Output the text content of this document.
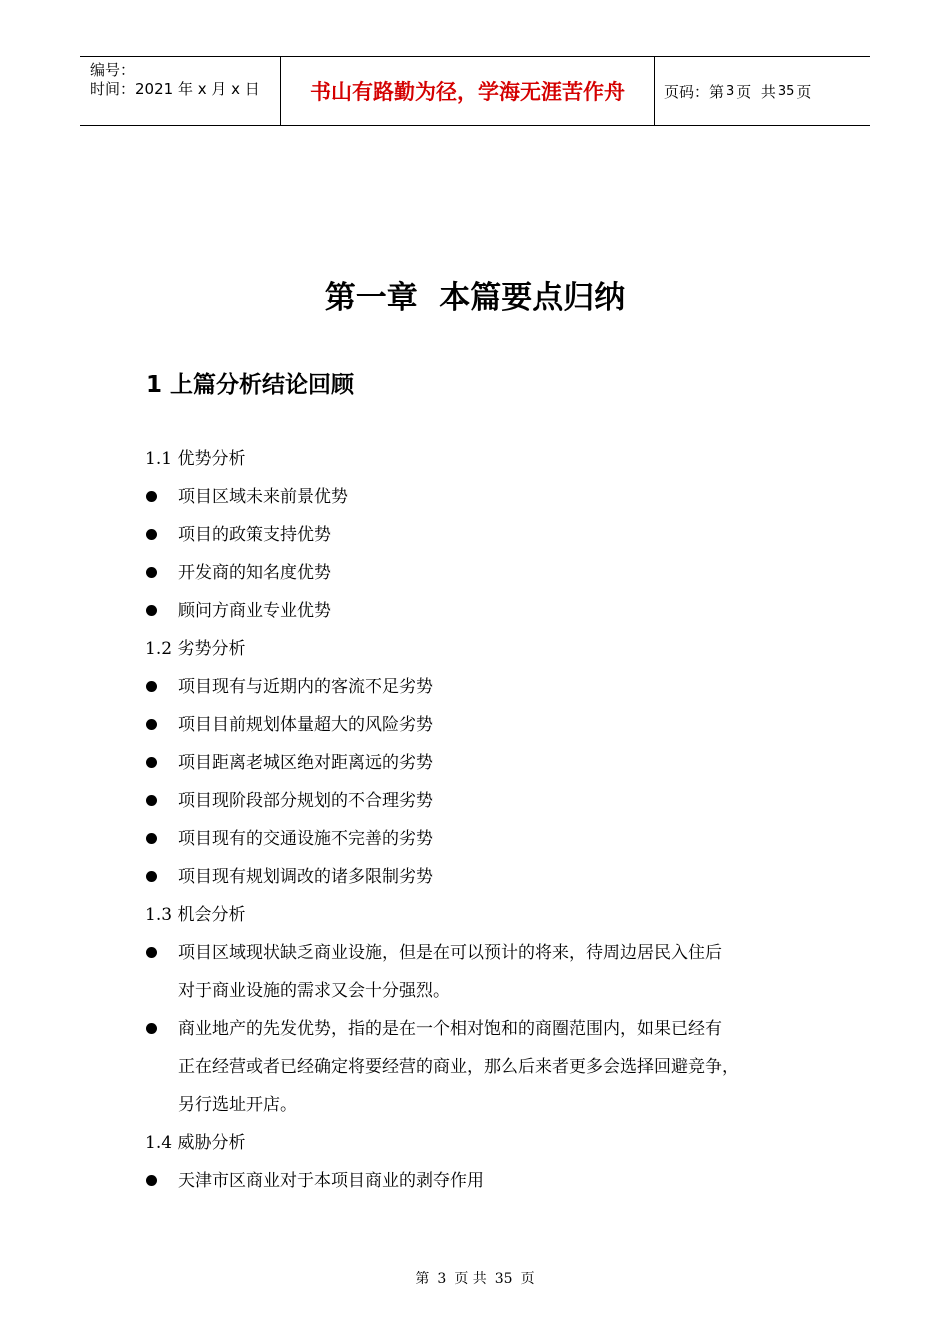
编号：
时间：2021 年 x 月 x 日	书山有路勤为径，学海无涯苦作舟	页码：第 3 页  共 35 页
第一章  本篇要点归纳
1 上篇分析结论回顾
1.1 优势分析
项目区域未来前景优势
项目的政策支持优势
开发商的知名度优势
顾问方商业专业优势
1.2 劣势分析
项目现有与近期内的客流不足劣势
项目目前规划体量超大的风险劣势
项目距离老城区绝对距离远的劣势
项目现阶段部分规划的不合理劣势
项目现有的交通设施不完善的劣势
项目现有规划调改的诸多限制劣势
1.3 机会分析
项目区域现状缺乏商业设施，但是在可以预计的将来，待周边居民入住后
对于商业设施的需求又会十分强烈。
商业地产的先发优势，指的是在一个相对饱和的商圈范围内，如果已经有
正在经营或者已经确定将要经营的商业，那么后来者更多会选择回避竞争，
另行选址开店。
1.4 威胁分析
天津市区商业对于本项目商业的剥夺作用
第 3 页 共 35 页
